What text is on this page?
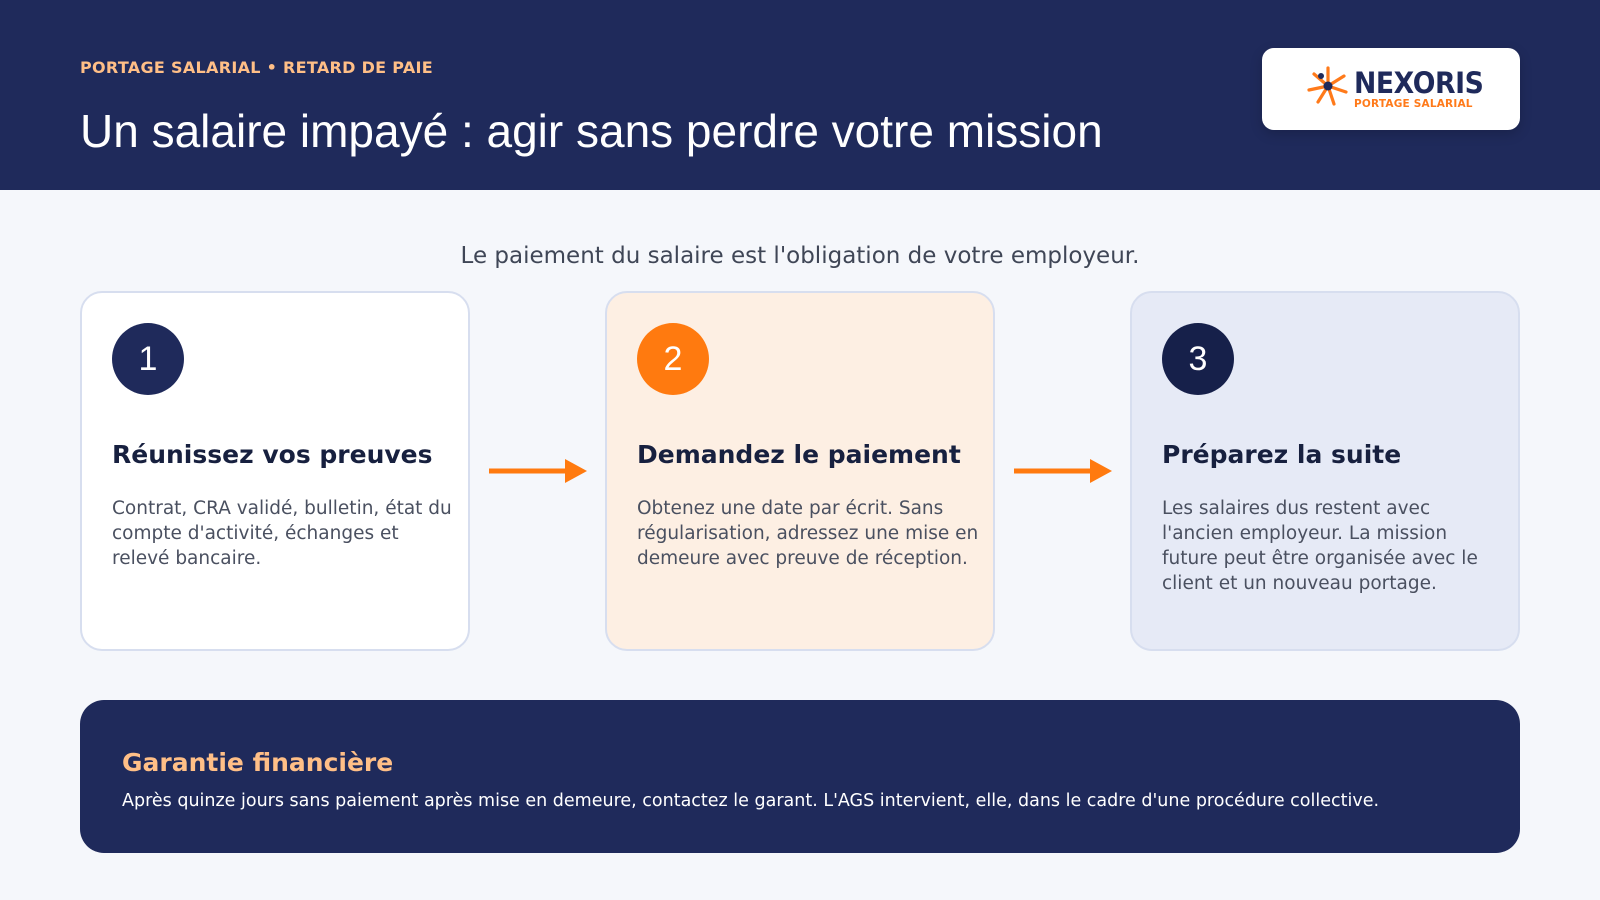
PORTAGE SALARIAL • RETARD DE PAIE
Un salaire impayé : agir sans perdre votre mission
NEXORIS
PORTAGE SALARIAL
Le paiement du salaire est l'obligation de votre employeur.
1
Réunissez vos preuves

Contrat, CRA validé, bulletin, état du compte d'activité, échanges et relevé bancaire.

2
Demandez le paiement

Obtenez une date par écrit. Sans régularisation, adressez une mise en demeure avec preuve de réception.

3
Préparez la suite

Les salaires dus restent avec l'ancien employeur. La mission future peut être organisée avec le client et un nouveau portage.

Garantie financière

Après quinze jours sans paiement après mise en demeure, contactez le garant. L'AGS intervient, elle, dans le cadre d'une procédure collective.
